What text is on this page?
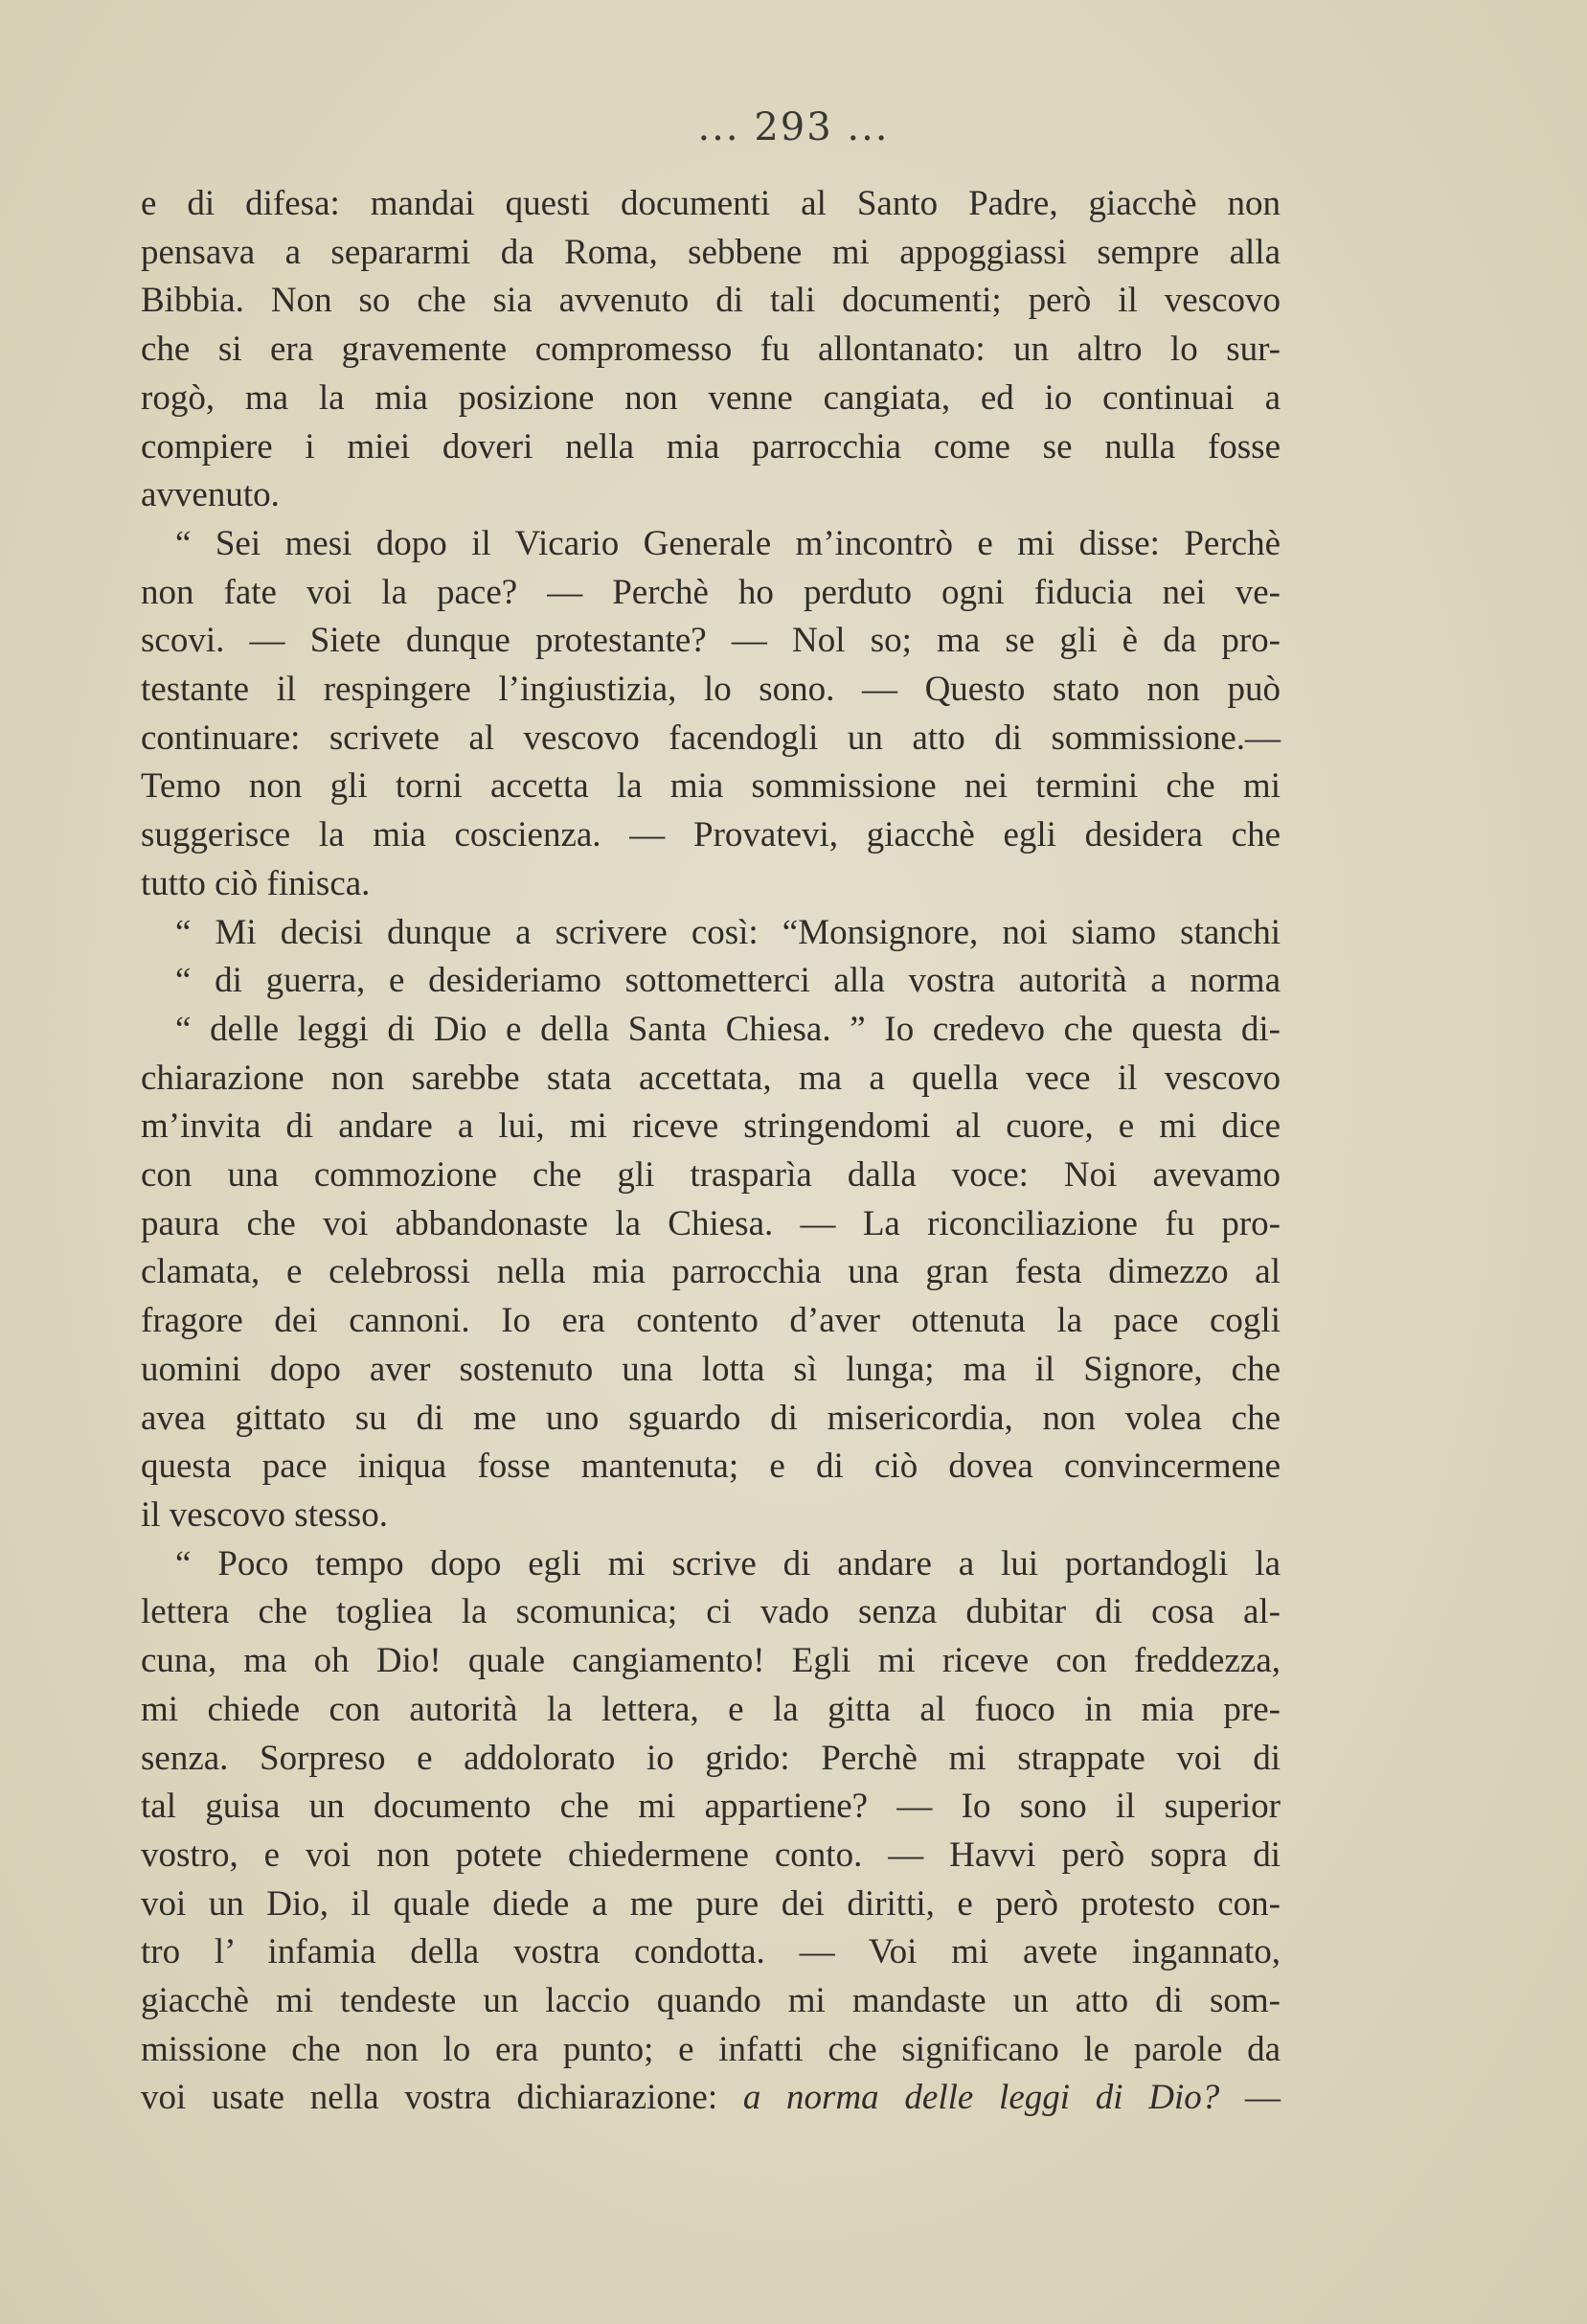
... 293 ...
e di difesa: mandai questi documenti al Santo Padre, giacchè non
pensava a separarmi da Roma, sebbene mi appoggiassi sempre alla
Bibbia. Non so che sia avvenuto di tali documenti; però il vescovo
che si era gravemente compromesso fu allontanato: un altro lo sur-
rogò, ma la mia posizione non venne cangiata, ed io continuai a
compiere i miei doveri nella mia parrocchia come se nulla fosse
avvenuto.
“ Sei mesi dopo il Vicario Generale m’incontrò e mi disse: Perchè
non fate voi la pace? — Perchè ho perduto ogni fiducia nei ve-
scovi. — Siete dunque protestante? — Nol so; ma se gli è da pro-
testante il respingere l’ingiustizia, lo sono. — Questo stato non può
continuare: scrivete al vescovo facendogli un atto di sommissione.—
Temo non gli torni accetta la mia sommissione nei termini che mi
suggerisce la mia coscienza. — Provatevi, giacchè egli desidera che
tutto ciò finisca.
“ Mi decisi dunque a scrivere così: “Monsignore, noi siamo stanchi
“ di guerra, e desideriamo sottometterci alla vostra autorità a norma
“ delle leggi di Dio e della Santa Chiesa. ” Io credevo che questa di-
chiarazione non sarebbe stata accettata, ma a quella vece il vescovo
m’invita di andare a lui, mi riceve stringendomi al cuore, e mi dice
con una commozione che gli trasparìa dalla voce: Noi avevamo
paura che voi abbandonaste la Chiesa. — La riconciliazione fu pro-
clamata, e celebrossi nella mia parrocchia una gran festa dimezzo al
fragore dei cannoni. Io era contento d’aver ottenuta la pace cogli
uomini dopo aver sostenuto una lotta sì lunga; ma il Signore, che
avea gittato su di me uno sguardo di misericordia, non volea che
questa pace iniqua fosse mantenuta; e di ciò dovea convincermene
il vescovo stesso.
“ Poco tempo dopo egli mi scrive di andare a lui portandogli la
lettera che togliea la scomunica; ci vado senza dubitar di cosa al-
cuna, ma oh Dio! quale cangiamento! Egli mi riceve con freddezza,
mi chiede con autorità la lettera, e la gitta al fuoco in mia pre-
senza. Sorpreso e addolorato io grido: Perchè mi strappate voi di
tal guisa un documento che mi appartiene? — Io sono il superior
vostro, e voi non potete chiedermene conto. — Havvi però sopra di
voi un Dio, il quale diede a me pure dei diritti, e però protesto con-
tro l’ infamia della vostra condotta. — Voi mi avete ingannato,
giacchè mi tendeste un laccio quando mi mandaste un atto di som-
missione che non lo era punto; e infatti che significano le parole da
voi usate nella vostra dichiarazione: a norma delle leggi di Dio? —
